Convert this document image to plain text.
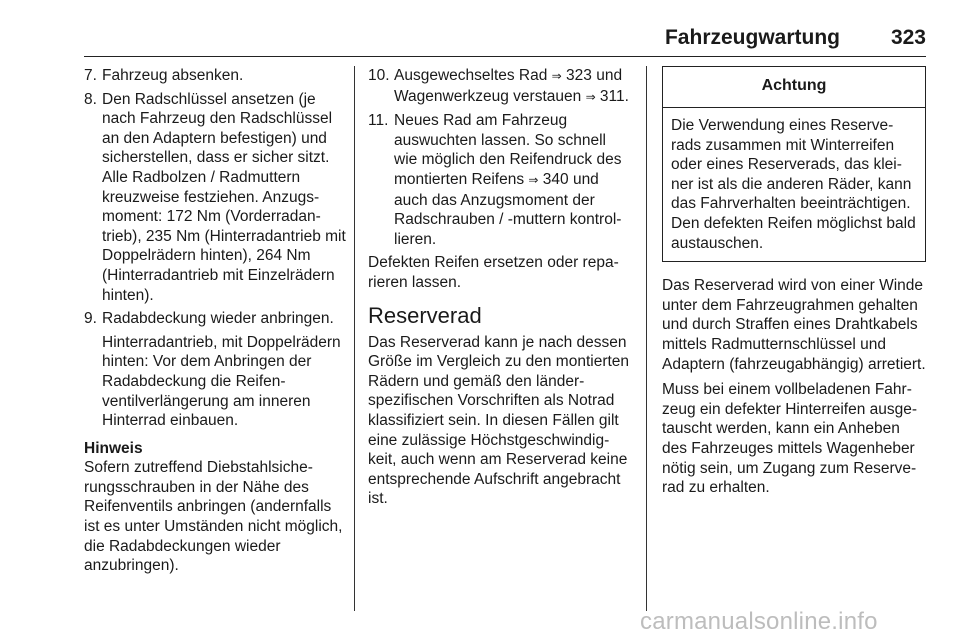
Fahrzeugwartung 323
7. Fahrzeug absenken.
8. Den Radschlüssel ansetzen (je nach Fahrzeug den Radschlüssel an den Adaptern befestigen) und sicherstellen, dass er sicher sitzt. Alle Radbolzen / Radmuttern kreuzweise festziehen. Anzugsmoment: 172 Nm (Vorderradantrieb), 235 Nm (Hinterradantrieb mit Doppelrädern hinten), 264 Nm (Hinterradantrieb mit Einzelrädern hinten).
9. Radabdeckung wieder anbringen.
Hinterradantrieb, mit Doppelrädern hinten: Vor dem Anbringen der Radabdeckung die Reifenventilverlängerung am inneren Hinterrad einbauen.
Hinweis
Sofern zutreffend Diebstahlsicherungsschrauben in der Nähe des Reifenventils anbringen (andernfalls ist es unter Umständen nicht möglich, die Radabdeckungen wieder anzubringen).
10. Ausgewechseltes Rad ⇒ 323 und Wagenwerkzeug verstauen ⇒ 311.
11. Neues Rad am Fahrzeug auswuchten lassen. So schnell wie möglich den Reifendruck des montierten Reifens ⇒ 340 und auch das Anzugsmoment der Radschrauben / -muttern kontrollieren.
Defekten Reifen ersetzen oder reparieren lassen.
Reserverad
Das Reserverad kann je nach dessen Größe im Vergleich zu den montierten Rädern und gemäß den länderspezifischen Vorschriften als Notrad klassifiziert sein. In diesen Fällen gilt eine zulässige Höchstgeschwindigkeit, auch wenn am Reserverad keine entsprechende Aufschrift angebracht ist.
Achtung
Die Verwendung eines Reserverads zusammen mit Winterreifen oder eines Reserverads, das kleiner ist als die anderen Räder, kann das Fahrverhalten beeinträchtigen. Den defekten Reifen möglichst bald austauschen.
Das Reserverad wird von einer Winde unter dem Fahrzeugrahmen gehalten und durch Straffen eines Drahtkabels mittels Radmutternschlüssel und Adaptern (fahrzeugabhängig) arretiert.
Muss bei einem vollbeladenen Fahrzeug ein defekter Hinterreifen ausgetauscht werden, kann ein Anheben des Fahrzeuges mittels Wagenheber nötig sein, um Zugang zum Reserverad zu erhalten.
carmanualsonline.info
